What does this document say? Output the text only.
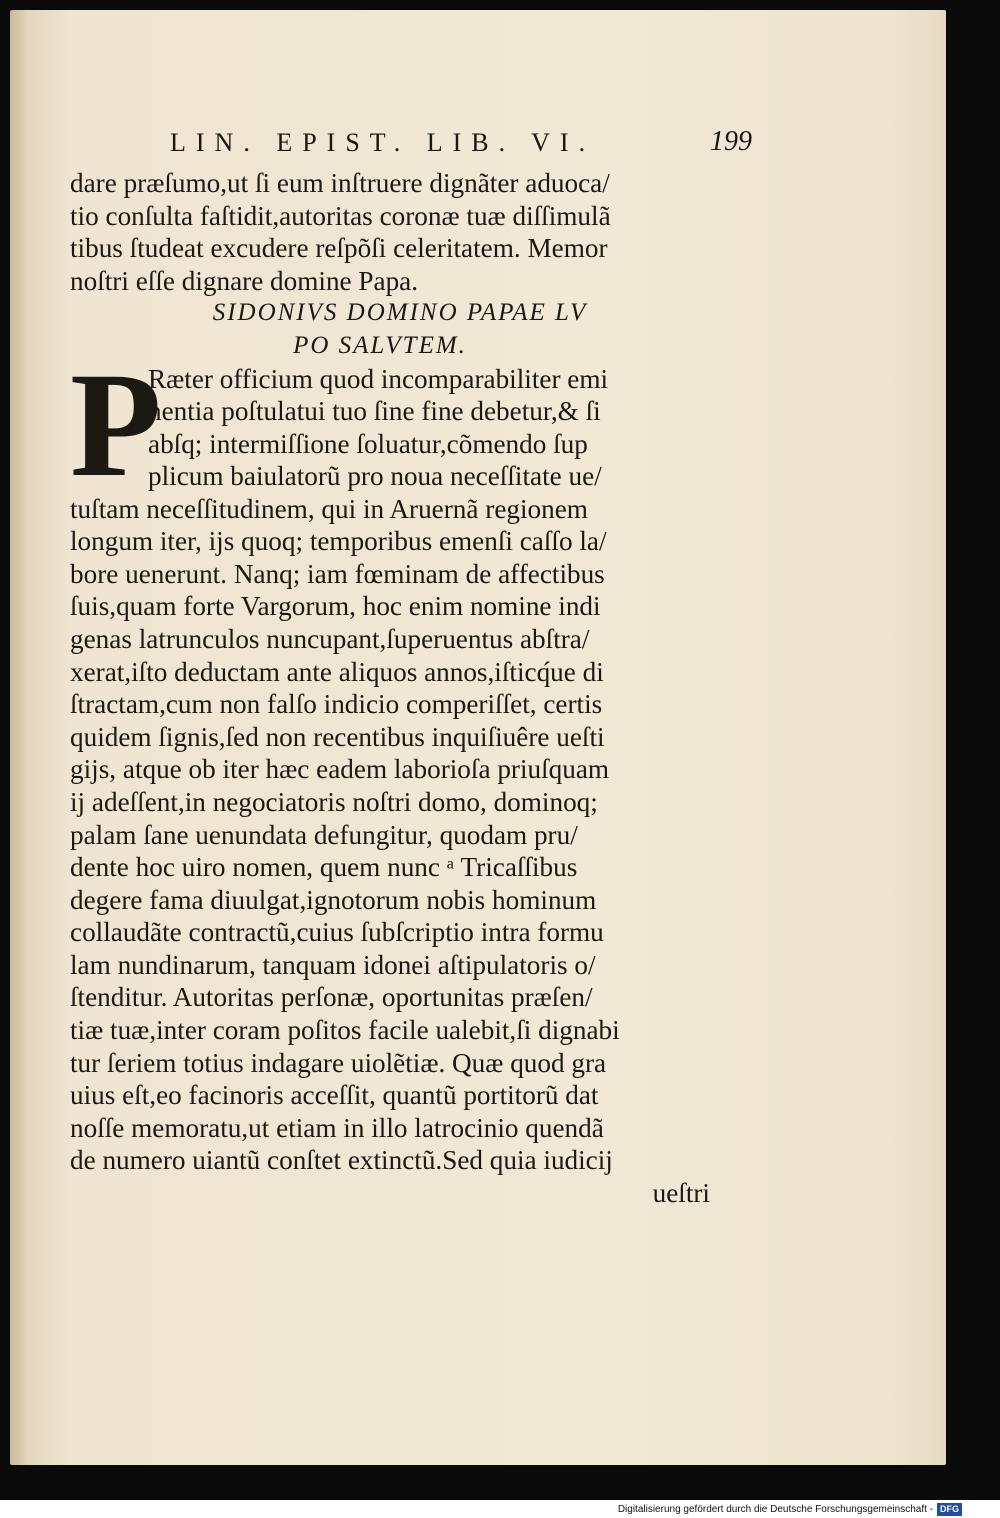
LIN. EPIST. LIB. VI.	199
dare præſumo,ut ſi eum inſtruere dignãter aduoca/
tio conſulta faſtidit,autoritas coronæ tuæ diſſimulã
tibus ſtudeat excudere reſpõſi celeritatem. Memor
noſtri eſſe dignare domine Papa.
SIDONIVS DOMINO PAPAE LV
PO SALVTEM.
P
Ræter officium quod incomparabiliter emi
nentia poſtulatui tuo ſine fine debetur,& ſi
abſq; intermiſſione ſoluatur,cõmendo ſup
plicum baiulatorũ pro noua neceſſitate ue/
tuſtam neceſſitudinem, qui in Aruernã regionem
longum iter, ijs quoq; temporibus emenſi caſſo la/
bore uenerunt. Nanq; iam fœminam de affectibus
ſuis,quam forte Vargorum, hoc enim nomine indi
genas latrunculos nuncupant,ſuperuentus abſtra/
xerat,iſto deductam ante aliquos annos,iſticq́ue di
ſtractam,cum non falſo indicio comperiſſet, certis
quidem ſignis,ſed non recentibus inquiſiuêre ueſti
gijs, atque ob iter hæc eadem laborioſa priuſquam
ij adeſſent,in negociatoris noſtri domo, dominoq;
palam ſane uenundata defungitur, quodam pru/
dente hoc uiro nomen, quem nunc ᵃ Tricaſſibus
degere fama diuulgat,ignotorum nobis hominum
collaudãte contractũ,cuius ſubſcriptio intra formu
lam nundinarum, tanquam idonei aſtipulatoris o/
ſtenditur. Autoritas perſonæ, oportunitas præſen/
tiæ tuæ,inter coram poſitos facile ualebit,ſi dignabi
tur ſeriem totius indagare uiolẽtiæ. Quæ quod gra
uius eſt,eo facinoris acceſſit, quantũ portitorũ dat
noſſe memoratu,ut etiam in illo latrocinio quendã
de numero uiantũ conſtet extinctũ.Sed quia iudicij
ueſtri
Digitalisierung gefördert durch die Deutsche Forschungsgemeinschaft - DFG
